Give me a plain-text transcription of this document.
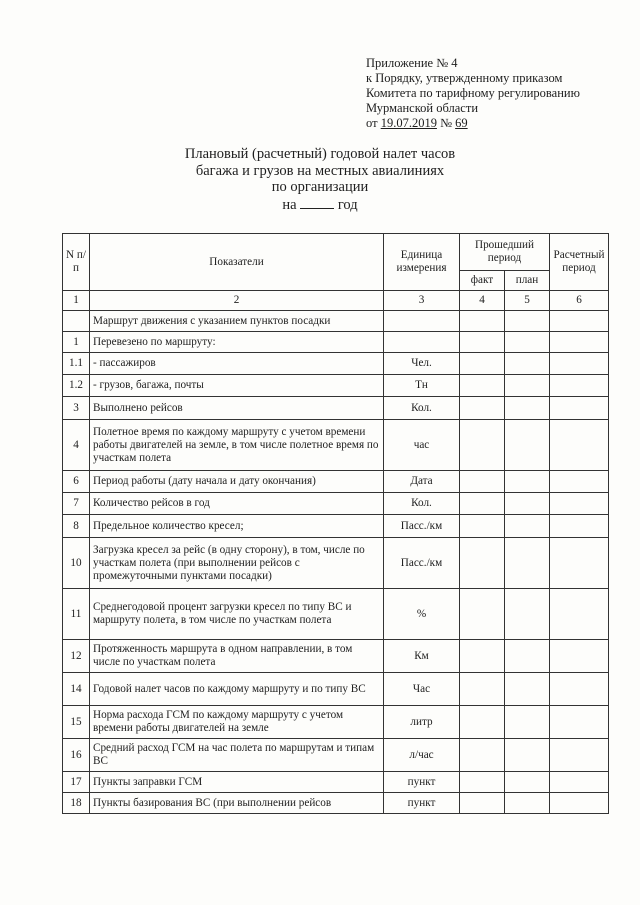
Приложение № 4
к Порядку, утвержденному приказом
Комитета по тарифному регулированию
Мурманской области
от 19.07.2019 № 69
Плановый (расчетный) годовой налет часов
багажа и грузов на местных авиалиниях
по организации
на	год
N п/п	Показатели	Единица измерения	Прошедший период		Расчетный период
			факт	план	
1	2	3	4	5	6
	Маршрут движения с указанием пунктов посадки				
1	Перевезено по маршруту:				
1.1	- пассажиров	Чел.			
1.2	- грузов, багажа, почты	Тн			
3	Выполнено рейсов	Кол.			
4	Полетное время по каждому маршруту с учетом времени работы двигателей на земле, в том числе полетное время по участкам полета	час			
6	Период работы (дату начала и дату окончания)	Дата			
7	Количество рейсов в год	Кол.			
8	Предельное количество кресел;	Пасс./км			
10	Загрузка кресел за рейс (в одну сторону), в том, числе по участкам полета (при выполнении рейсов с промежуточными пунктами посадки)	Пасс./км			
11	Среднегодовой процент загрузки кресел по типу ВС и маршруту полета, в том числе по участкам полета	%			
12	Протяженность маршрута в одном направлении, в том числе по участкам полета	Км			
14	Годовой налет часов по каждому маршруту и по типу ВС	Час			
15	Норма расхода ГСМ по каждому маршруту с учетом времени работы двигателей на земле	литр			
16	Средний расход ГСМ на час полета по маршрутам и типам ВС	л/час			
17	Пункты заправки ГСМ	пункт			
18	Пункты базирования ВС (при выполнении рейсов	пункт			
